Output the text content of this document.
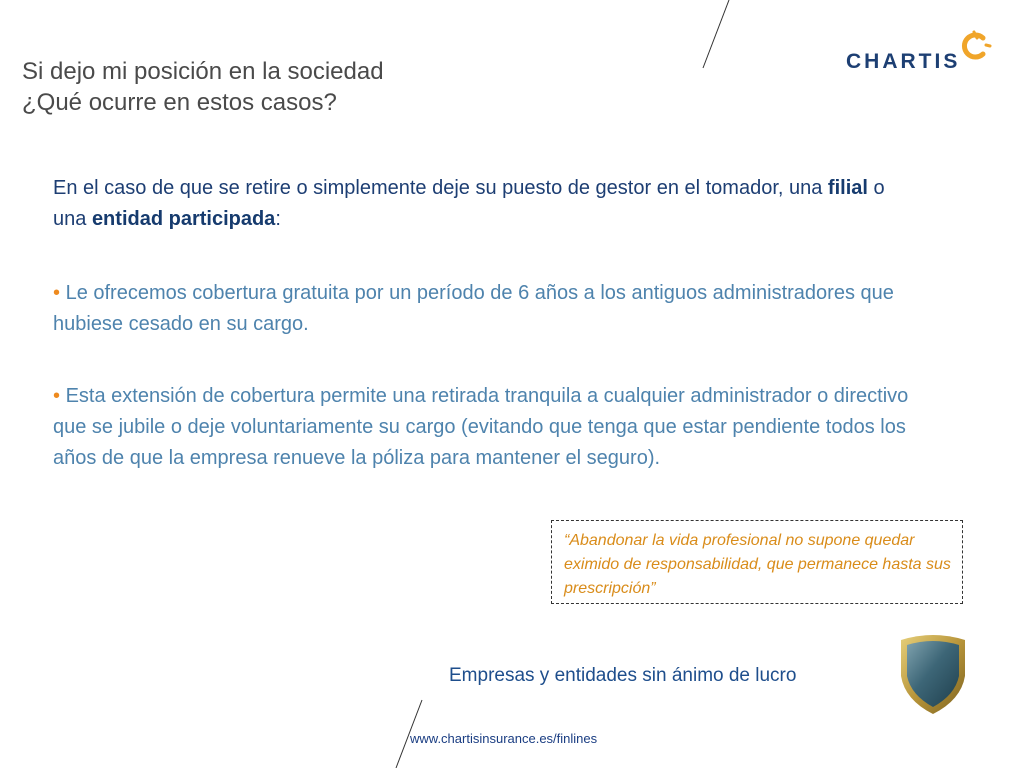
Si dejo mi posición en la sociedad
¿Qué ocurre en estos casos?
CHARTIS
En el caso de que se retire o simplemente deje su puesto de gestor en el tomador, una filial o una entidad participada:
• Le ofrecemos cobertura gratuita por un período de 6 años a los antiguos administradores que hubiese cesado en su cargo.
• Esta extensión de cobertura permite una retirada tranquila a cualquier administrador o directivo que se jubile o deje voluntariamente su cargo (evitando que tenga que estar pendiente todos los años de que la empresa renueve la póliza para mantener el seguro).
“Abandonar la vida profesional no supone quedar eximido de responsabilidad, que permanece hasta sus prescripción”
Empresas y entidades sin ánimo de lucro
www.chartisinsurance.es/finlines
